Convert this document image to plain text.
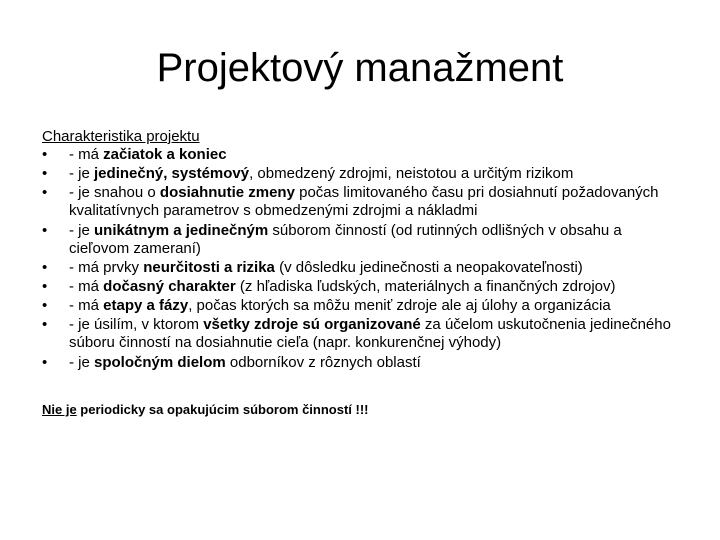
Projektový manažment

Charakteristika projektu

•	- má začiatok a koniec
•	- je jedinečný, systémový, obmedzený zdrojmi, neistotou a určitým rizikom
•	- je snahou o dosiahnutie zmeny počas limitovaného času pri dosiahnutí požadovaných kvalitatívnych parametrov s obmedzenými zdrojmi a nákladmi
•	- je unikátnym a jedinečným súborom činností (od rutinných odlišných v obsahu a cieľovom zameraní)
•	- má prvky neurčitosti a rizika (v dôsledku jedinečnosti a neopakovateľnosti)
•	- má dočasný charakter (z hľadiska ľudských, materiálnych a finančných zdrojov)
•	- má etapy a fázy, počas ktorých sa môžu meniť zdroje ale aj úlohy a organizácia
•	- je úsilím, v ktorom všetky zdroje sú organizované za účelom uskutočnenia jedinečného súboru činností na dosiahnutie cieľa (napr. konkurenčnej výhody)
•	- je spoločným dielom odborníkov z rôznych oblastí
Nie je periodicky sa opakujúcim súborom činností !!!
